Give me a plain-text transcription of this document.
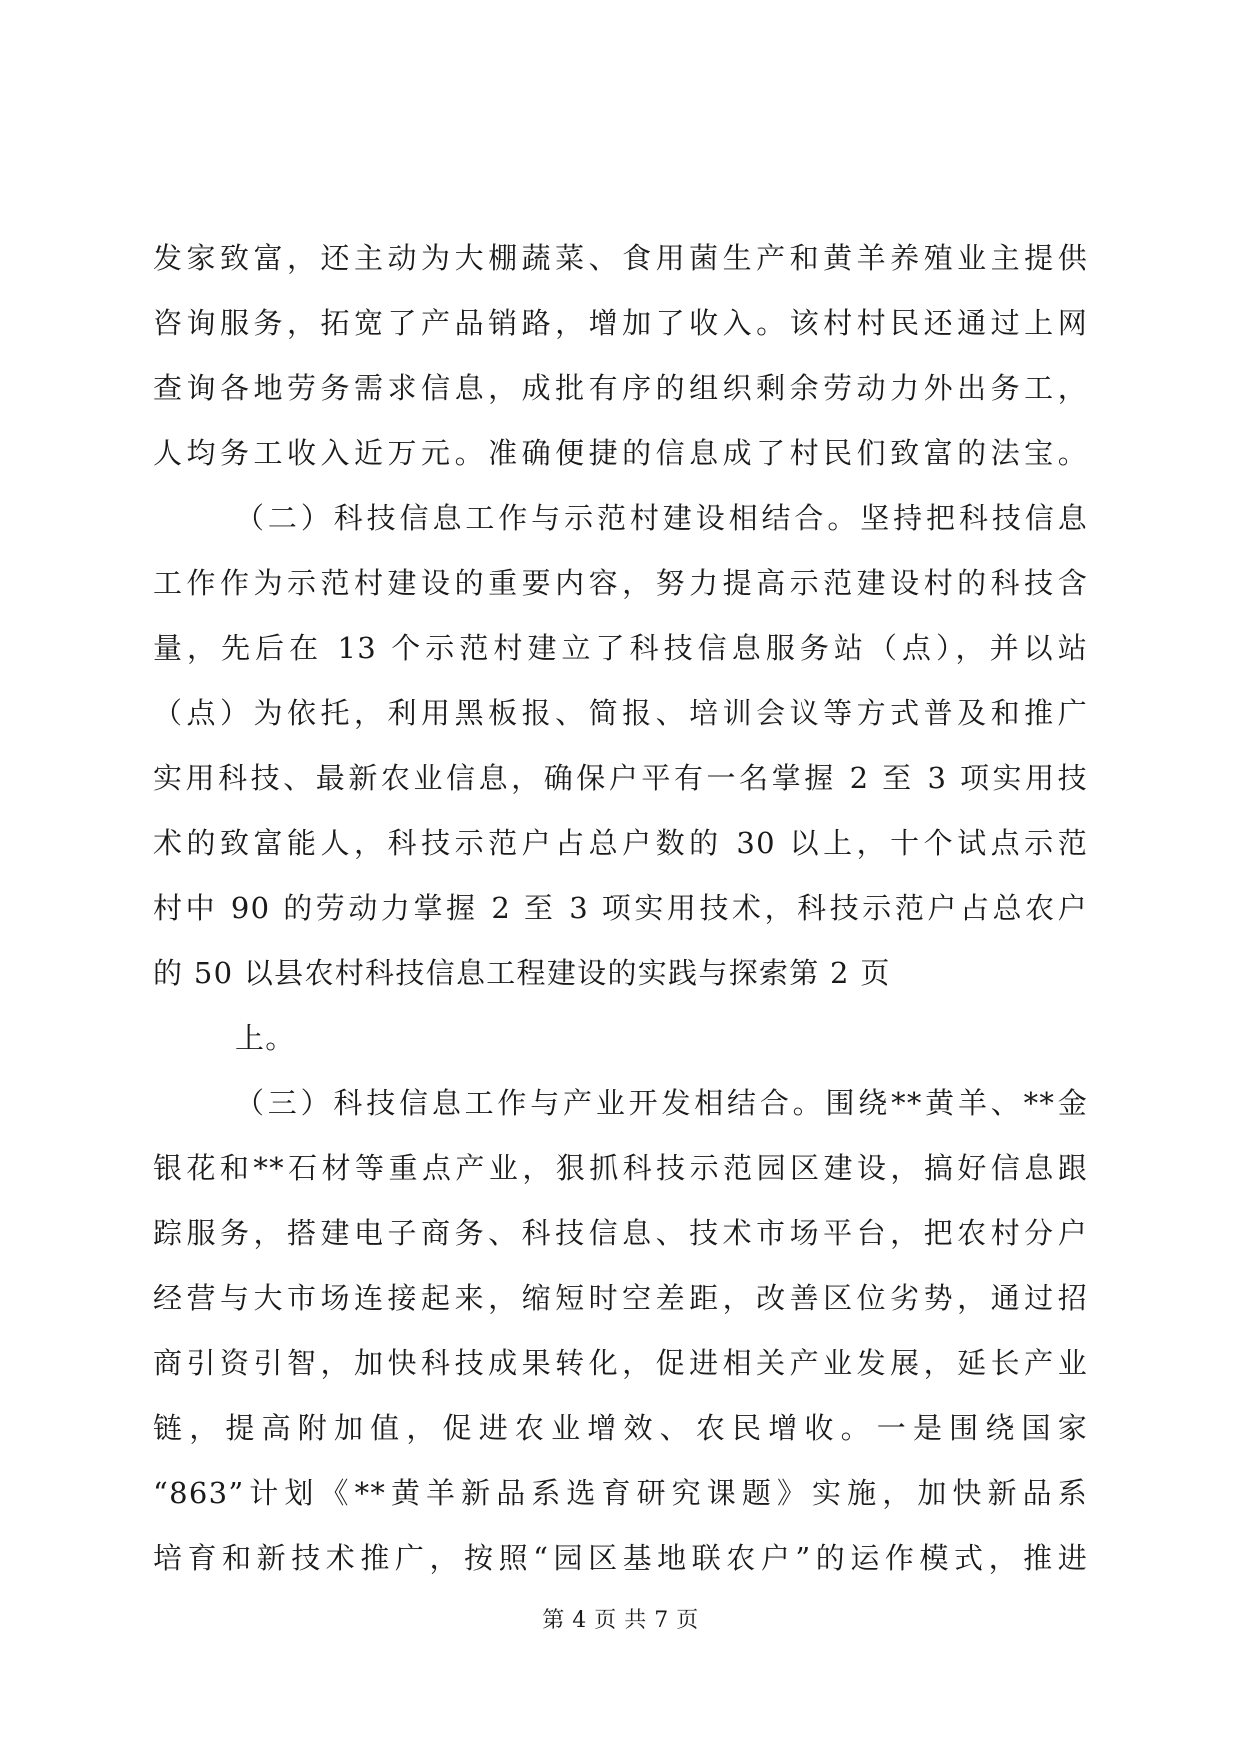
发家致富，还主动为大棚蔬菜、食用菌生产和黄羊养殖业主提供
咨询服务，拓宽了产品销路，增加了收入。该村村民还通过上网
查询各地劳务需求信息，成批有序的组织剩余劳动力外出务工，
人均务工收入近万元。准确便捷的信息成了村民们致富的法宝。
（二）科技信息工作与示范村建设相结合。坚持把科技信息
工作作为示范村建设的重要内容，努力提高示范建设村的科技含
量，先后在 13 个示范村建立了科技信息服务站（点），并以站
（点）为依托，利用黑板报、简报、培训会议等方式普及和推广
实用科技、最新农业信息，确保户平有一名掌握 2 至 3 项实用技
术的致富能人，科技示范户占总户数的 30 以上，十个试点示范
村中 90 的劳动力掌握 2 至 3 项实用技术，科技示范户占总农户
的 50 以县农村科技信息工程建设的实践与探索第 2 页
上。
（三）科技信息工作与产业开发相结合。围绕**黄羊、**金
银花和**石材等重点产业，狠抓科技示范园区建设，搞好信息跟
踪服务，搭建电子商务、科技信息、技术市场平台，把农村分户
经营与大市场连接起来，缩短时空差距，改善区位劣势，通过招
商引资引智，加快科技成果转化，促进相关产业发展，延长产业
链，提高附加值，促进农业增效、农民增收。一是围绕国家
“863”计划《**黄羊新品系选育研究课题》实施，加快新品系
培育和新技术推广，按照“园区基地联农户”的运作模式，推进
第 4 页 共 7 页
